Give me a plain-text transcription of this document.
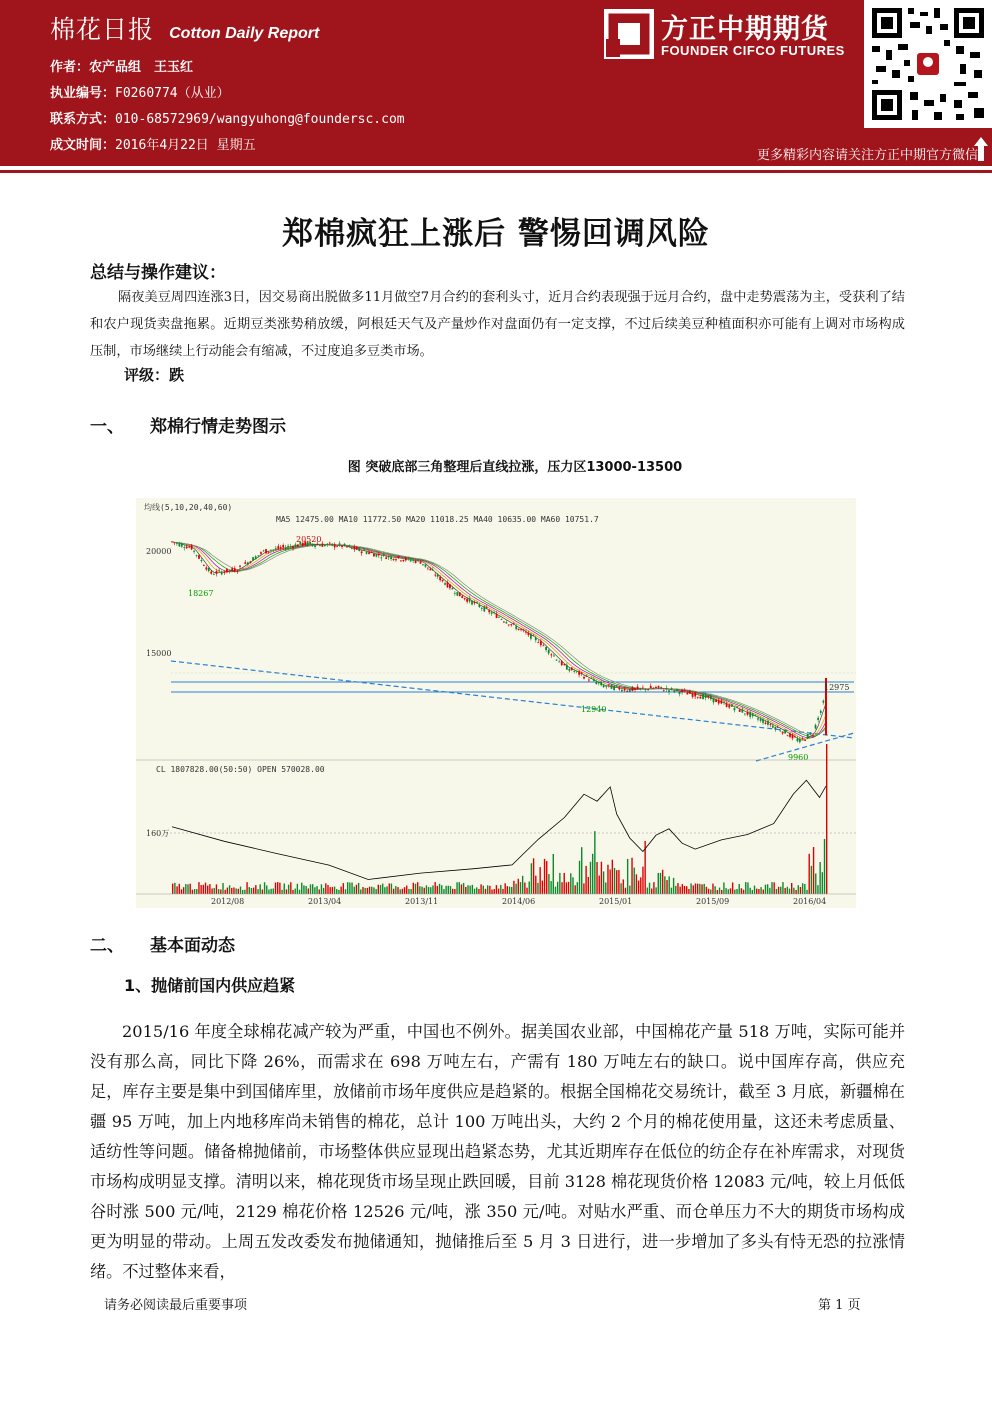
棉花日报 Cotton Daily Report
作者：农产品组　王玉红
执业编号：F0260774（从业）
联系方式：010-68572969/wangyuhong@foundersc.com
成文时间：2016年4月22日 星期五
方正中期期货
FOUNDER CIFCO FUTURES
更多精彩内容请关注方正中期官方微信
郑棉疯狂上涨后 警惕回调风险
总结与操作建议：
隔夜美豆周四连涨3日，因交易商出脱做多11月做空7月合约的套利头寸，近月合约表现强于远月合约，盘中走势震荡为主，受获利了结和农户现货卖盘拖累。近期豆类涨势稍放缓，阿根廷天气及产量炒作对盘面仍有一定支撑，不过后续美豆种植面积亦可能有上调对市场构成压制，市场继续上行动能会有缩减，不过度追多豆类市场。
评级：跌
一、 郑棉行情走势图示
图 突破底部三角整理后直线拉涨，压力区13000-13500
均线(5,10,20,40,60)
MA5 12475.00 MA10 11772.50 MA20 11018.25 MA40 10635.00 MA60 10751.7
20000
15000
20520
18267
12975
12940
9960
CL 1807828.00(50:50) OPEN 570028.00
160万
2012/08	2013/04	2013/11	2014/06	2015/01	2015/09	2016/04
二、 基本面动态
1、抛储前国内供应趋紧
2015/16 年度全球棉花减产较为严重，中国也不例外。据美国农业部，中国棉花产量 518 万吨，实际可能并没有那么高，同比下降 26%，而需求在 698 万吨左右，产需有 180 万吨左右的缺口。说中国库存高，供应充足，库存主要是集中到国储库里，放储前市场年度供应是趋紧的。根据全国棉花交易统计，截至 3 月底，新疆棉在疆 95 万吨，加上内地移库尚未销售的棉花，总计 100 万吨出头，大约 2 个月的棉花使用量，这还未考虑质量、适纺性等问题。储备棉抛储前，市场整体供应显现出趋紧态势，尤其近期库存在低位的纺企存在补库需求，对现货市场构成明显支撑。清明以来，棉花现货市场呈现止跌回暖，目前 3128 棉花现货价格 12083 元/吨，较上月低低谷时涨 500 元/吨，2129 棉花价格 12526 元/吨，涨 350 元/吨。对贴水严重、而仓单压力不大的期货市场构成更为明显的带动。上周五发改委发布抛储通知，抛储推后至 5 月 3 日进行，进一步增加了多头有恃无恐的拉涨情绪。不过整体来看，
请务必阅读最后重要事项	第 1 页
